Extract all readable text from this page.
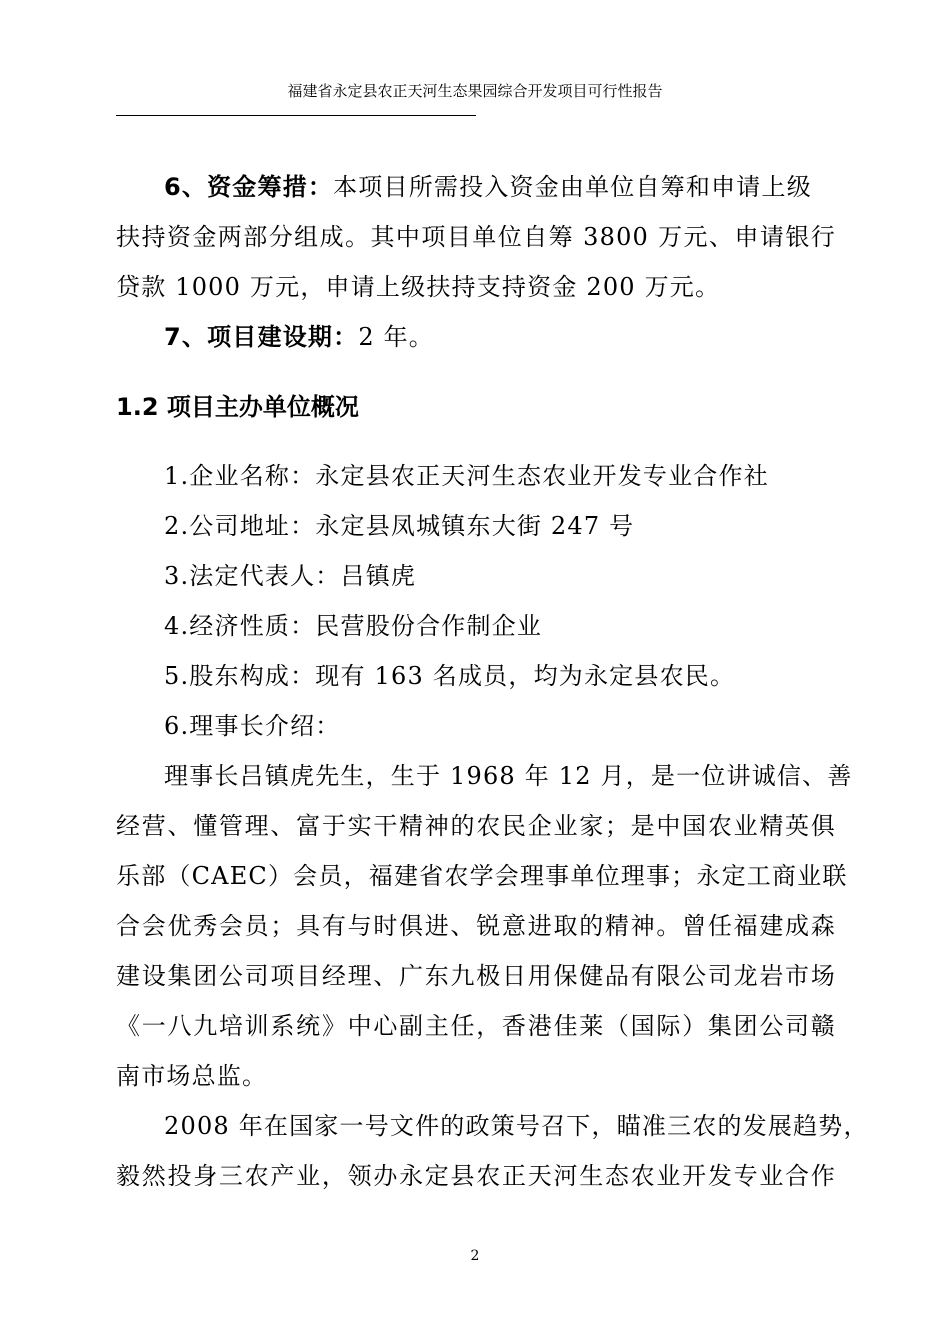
福建省永定县农正天河生态果园综合开发项目可行性报告
6、资金筹措：本项目所需投入资金由单位自筹和申请上级
扶持资金两部分组成。其中项目单位自筹 3800 万元、申请银行
贷款 1000 万元，申请上级扶持支持资金 200 万元。
7、项目建设期：2 年。
1.2 项目主办单位概况
1.企业名称：永定县农正天河生态农业开发专业合作社
2.公司地址：永定县凤城镇东大街 247 号
3.法定代表人：吕镇虎
4.经济性质：民营股份合作制企业
5.股东构成：现有 163 名成员，均为永定县农民。
6.理事长介绍：
理事长吕镇虎先生，生于 1968 年 12 月，是一位讲诚信、善
经营、懂管理、富于实干精神的农民企业家；是中国农业精英俱
乐部（CAEC）会员，福建省农学会理事单位理事；永定工商业联
合会优秀会员；具有与时俱进、锐意进取的精神。曾任福建成森
建设集团公司项目经理、广东九极日用保健品有限公司龙岩市场
《一八九培训系统》中心副主任，香港佳莱（国际）集团公司赣
南市场总监。
2008 年在国家一号文件的政策号召下，瞄准三农的发展趋势，
毅然投身三农产业，领办永定县农正天河生态农业开发专业合作
2
